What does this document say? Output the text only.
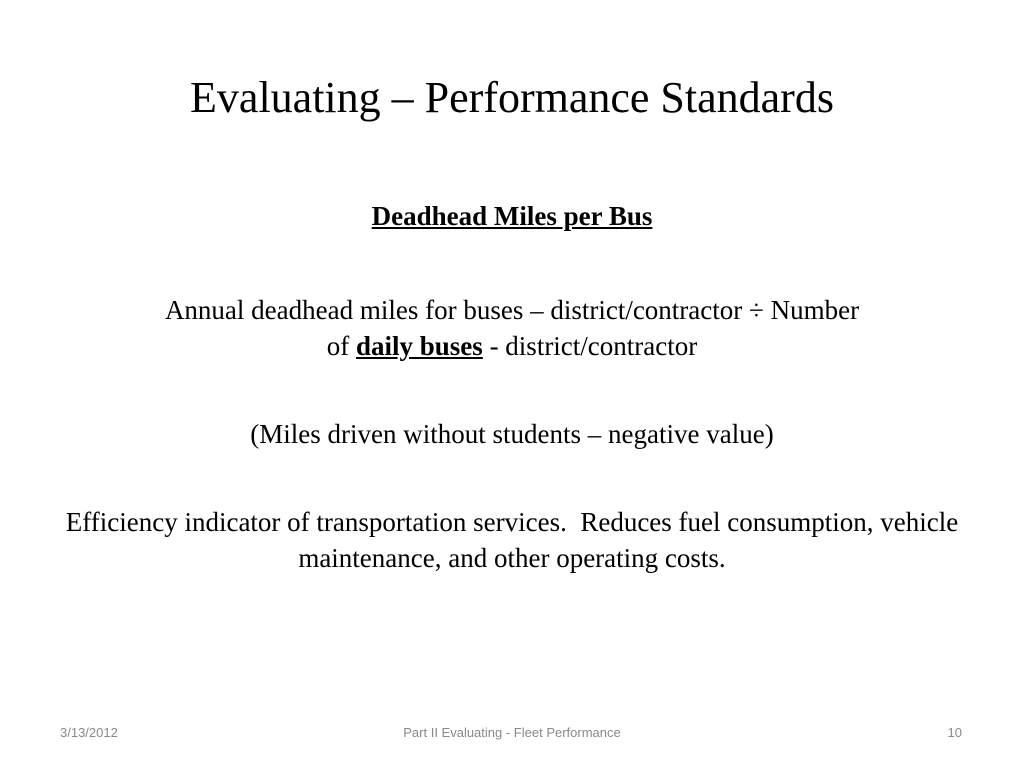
Evaluating – Performance Standards

Deadhead Miles per Bus

Annual deadhead miles for buses – district/contractor ÷ Number
of daily buses - district/contractor

(Miles driven without students – negative value)

Efficiency indicator of transportation services.  Reduces fuel consumption, vehicle maintenance, and other operating costs.

3/13/2012	Part II Evaluating - Fleet Performance	10
